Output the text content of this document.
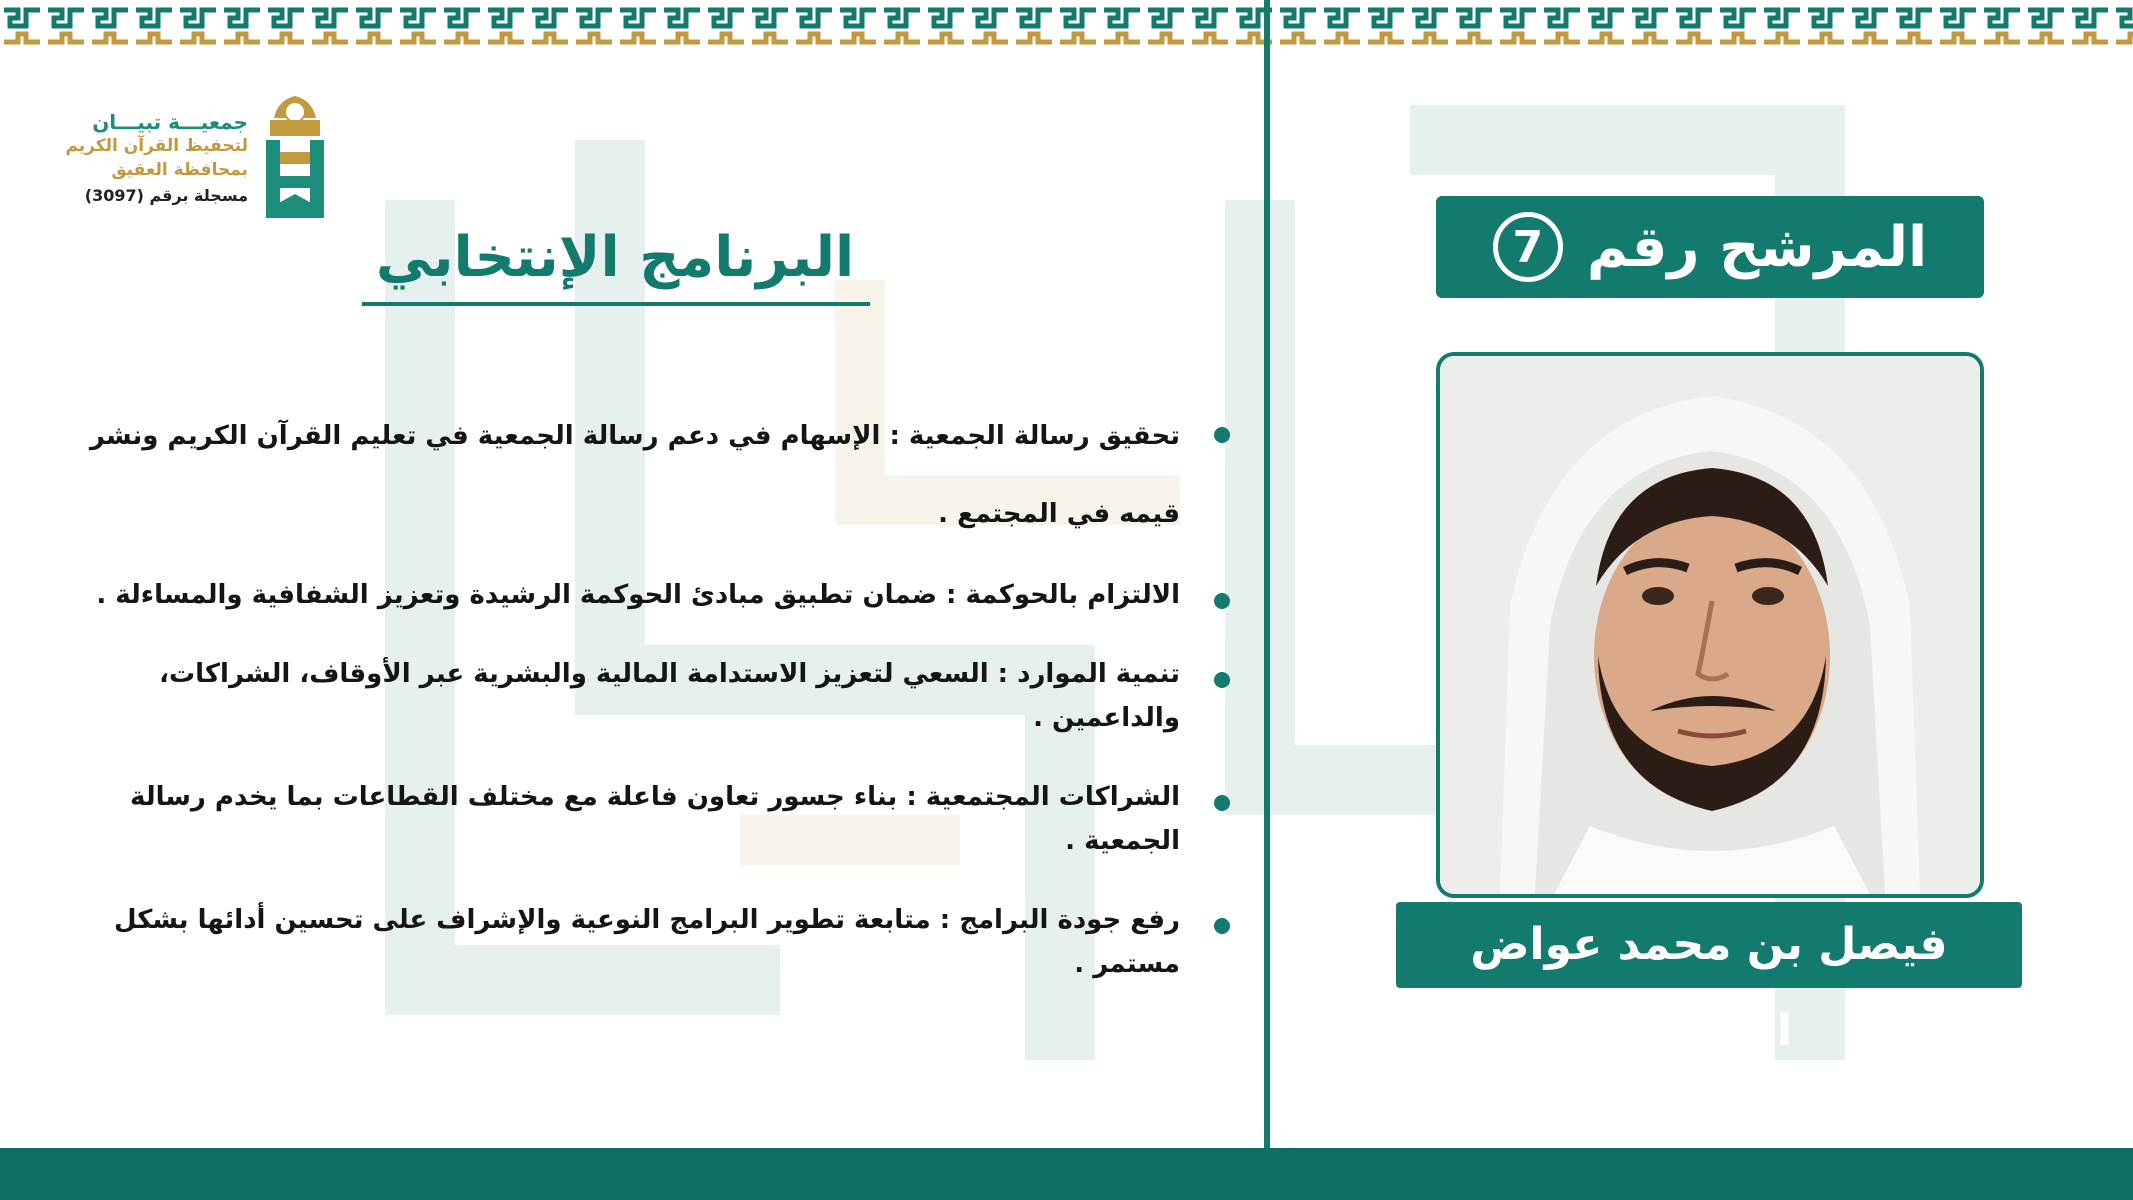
جمعيـــة تبيـــان
لتحفيظ القرآن الكريم
بمحافظة العقيق
مسجلة برقم (3097)
البرنامج الإنتخابي
تحقيق رسالة الجمعية : الإسهام في دعم رسالة الجمعية في تعليم القرآن الكريم ونشر قيمه في المجتمع .
الالتزام بالحوكمة : ضمان تطبيق مبادئ الحوكمة الرشيدة وتعزيز الشفافية والمساءلة .
تنمية الموارد : السعي لتعزيز الاستدامة المالية والبشرية عبر الأوقاف، الشراكات، والداعمين .
الشراكات المجتمعية : بناء جسور تعاون فاعلة مع مختلف القطاعات بما يخدم رسالة الجمعية .
رفع جودة البرامج : متابعة تطوير البرامج النوعية والإشراف على تحسين أدائها بشكل مستمر .
المرشح رقم
7
فيصل بن محمد عواض الغامدي
